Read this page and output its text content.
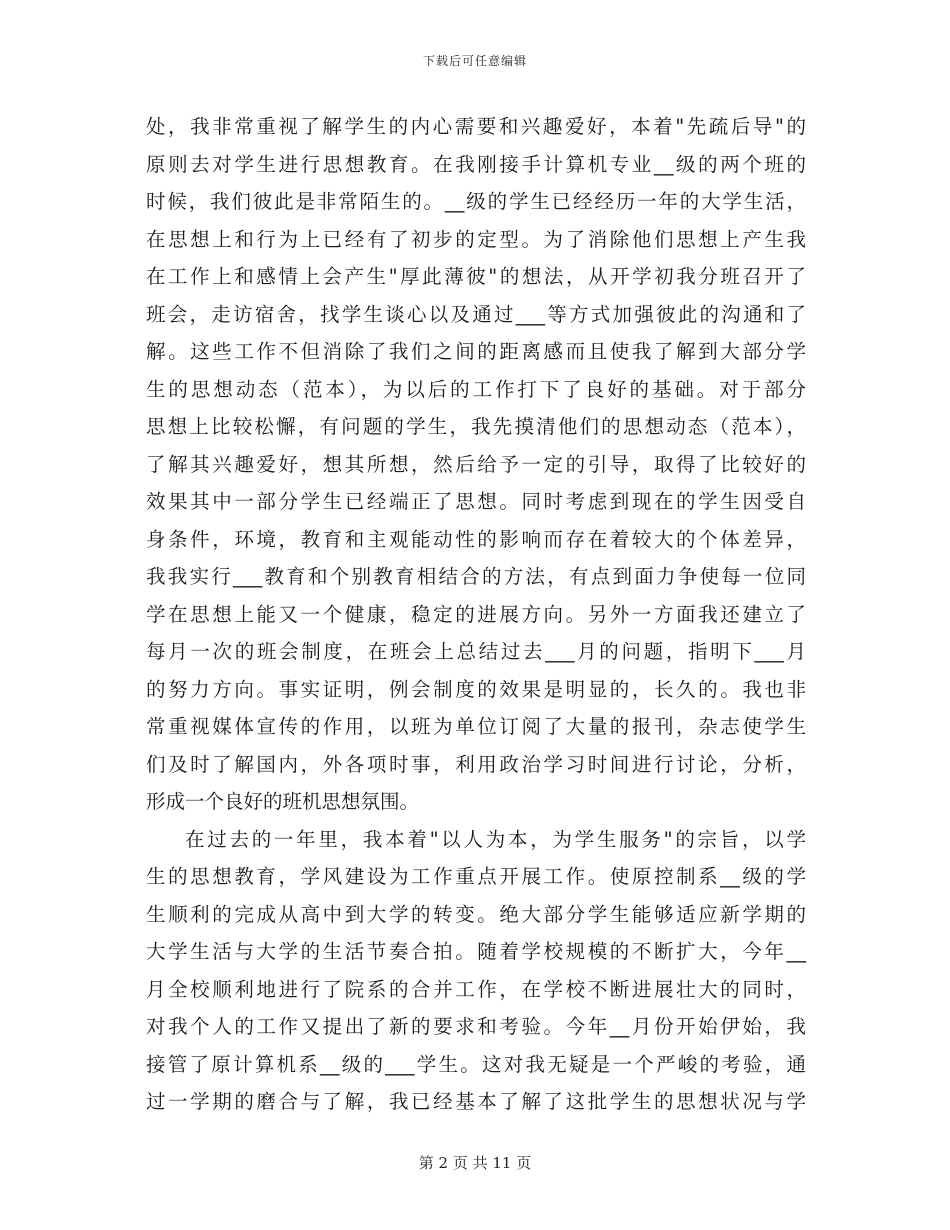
下载后可任意编辑
处，我非常重视了解学生的内心需要和兴趣爱好，本着"先疏后导"的
原则去对学生进行思想教育。在我刚接手计算机专业__级的两个班的
时候，我们彼此是非常陌生的。__级的学生已经经历一年的大学生活，
在思想上和行为上已经有了初步的定型。为了消除他们思想上产生我
在工作上和感情上会产生"厚此薄彼"的想法，从开学初我分班召开了
班会，走访宿舍，找学生谈心以及通过___等方式加强彼此的沟通和了
解。这些工作不但消除了我们之间的距离感而且使我了解到大部分学
生的思想动态（范本），为以后的工作打下了良好的基础。对于部分
思想上比较松懈，有问题的学生，我先摸清他们的思想动态（范本），
了解其兴趣爱好，想其所想，然后给予一定的引导，取得了比较好的
效果其中一部分学生已经端正了思想。同时考虑到现在的学生因受自
身条件，环境，教育和主观能动性的影响而存在着较大的个体差异，
我我实行___教育和个别教育相结合的方法，有点到面力争使每一位同
学在思想上能又一个健康，稳定的进展方向。另外一方面我还建立了
每月一次的班会制度，在班会上总结过去___月的问题，指明下___月
的努力方向。事实证明，例会制度的效果是明显的，长久的。我也非
常重视媒体宣传的作用，以班为单位订阅了大量的报刊，杂志使学生
们及时了解国内，外各项时事，利用政治学习时间进行讨论，分析，
形成一个良好的班机思想氛围。
在过去的一年里，我本着"以人为本，为学生服务"的宗旨，以学
生的思想教育，学风建设为工作重点开展工作。使原控制系__级的学
生顺利的完成从高中到大学的转变。绝大部分学生能够适应新学期的
大学生活与大学的生活节奏合拍。随着学校规模的不断扩大，今年__
月全校顺利地进行了院系的合并工作，在学校不断进展壮大的同时，
对我个人的工作又提出了新的要求和考验。今年__月份开始伊始，我
接管了原计算机系__级的___学生。这对我无疑是一个严峻的考验，通
过一学期的磨合与了解，我已经基本了解了这批学生的思想状况与学
第 2 页 共 11 页
